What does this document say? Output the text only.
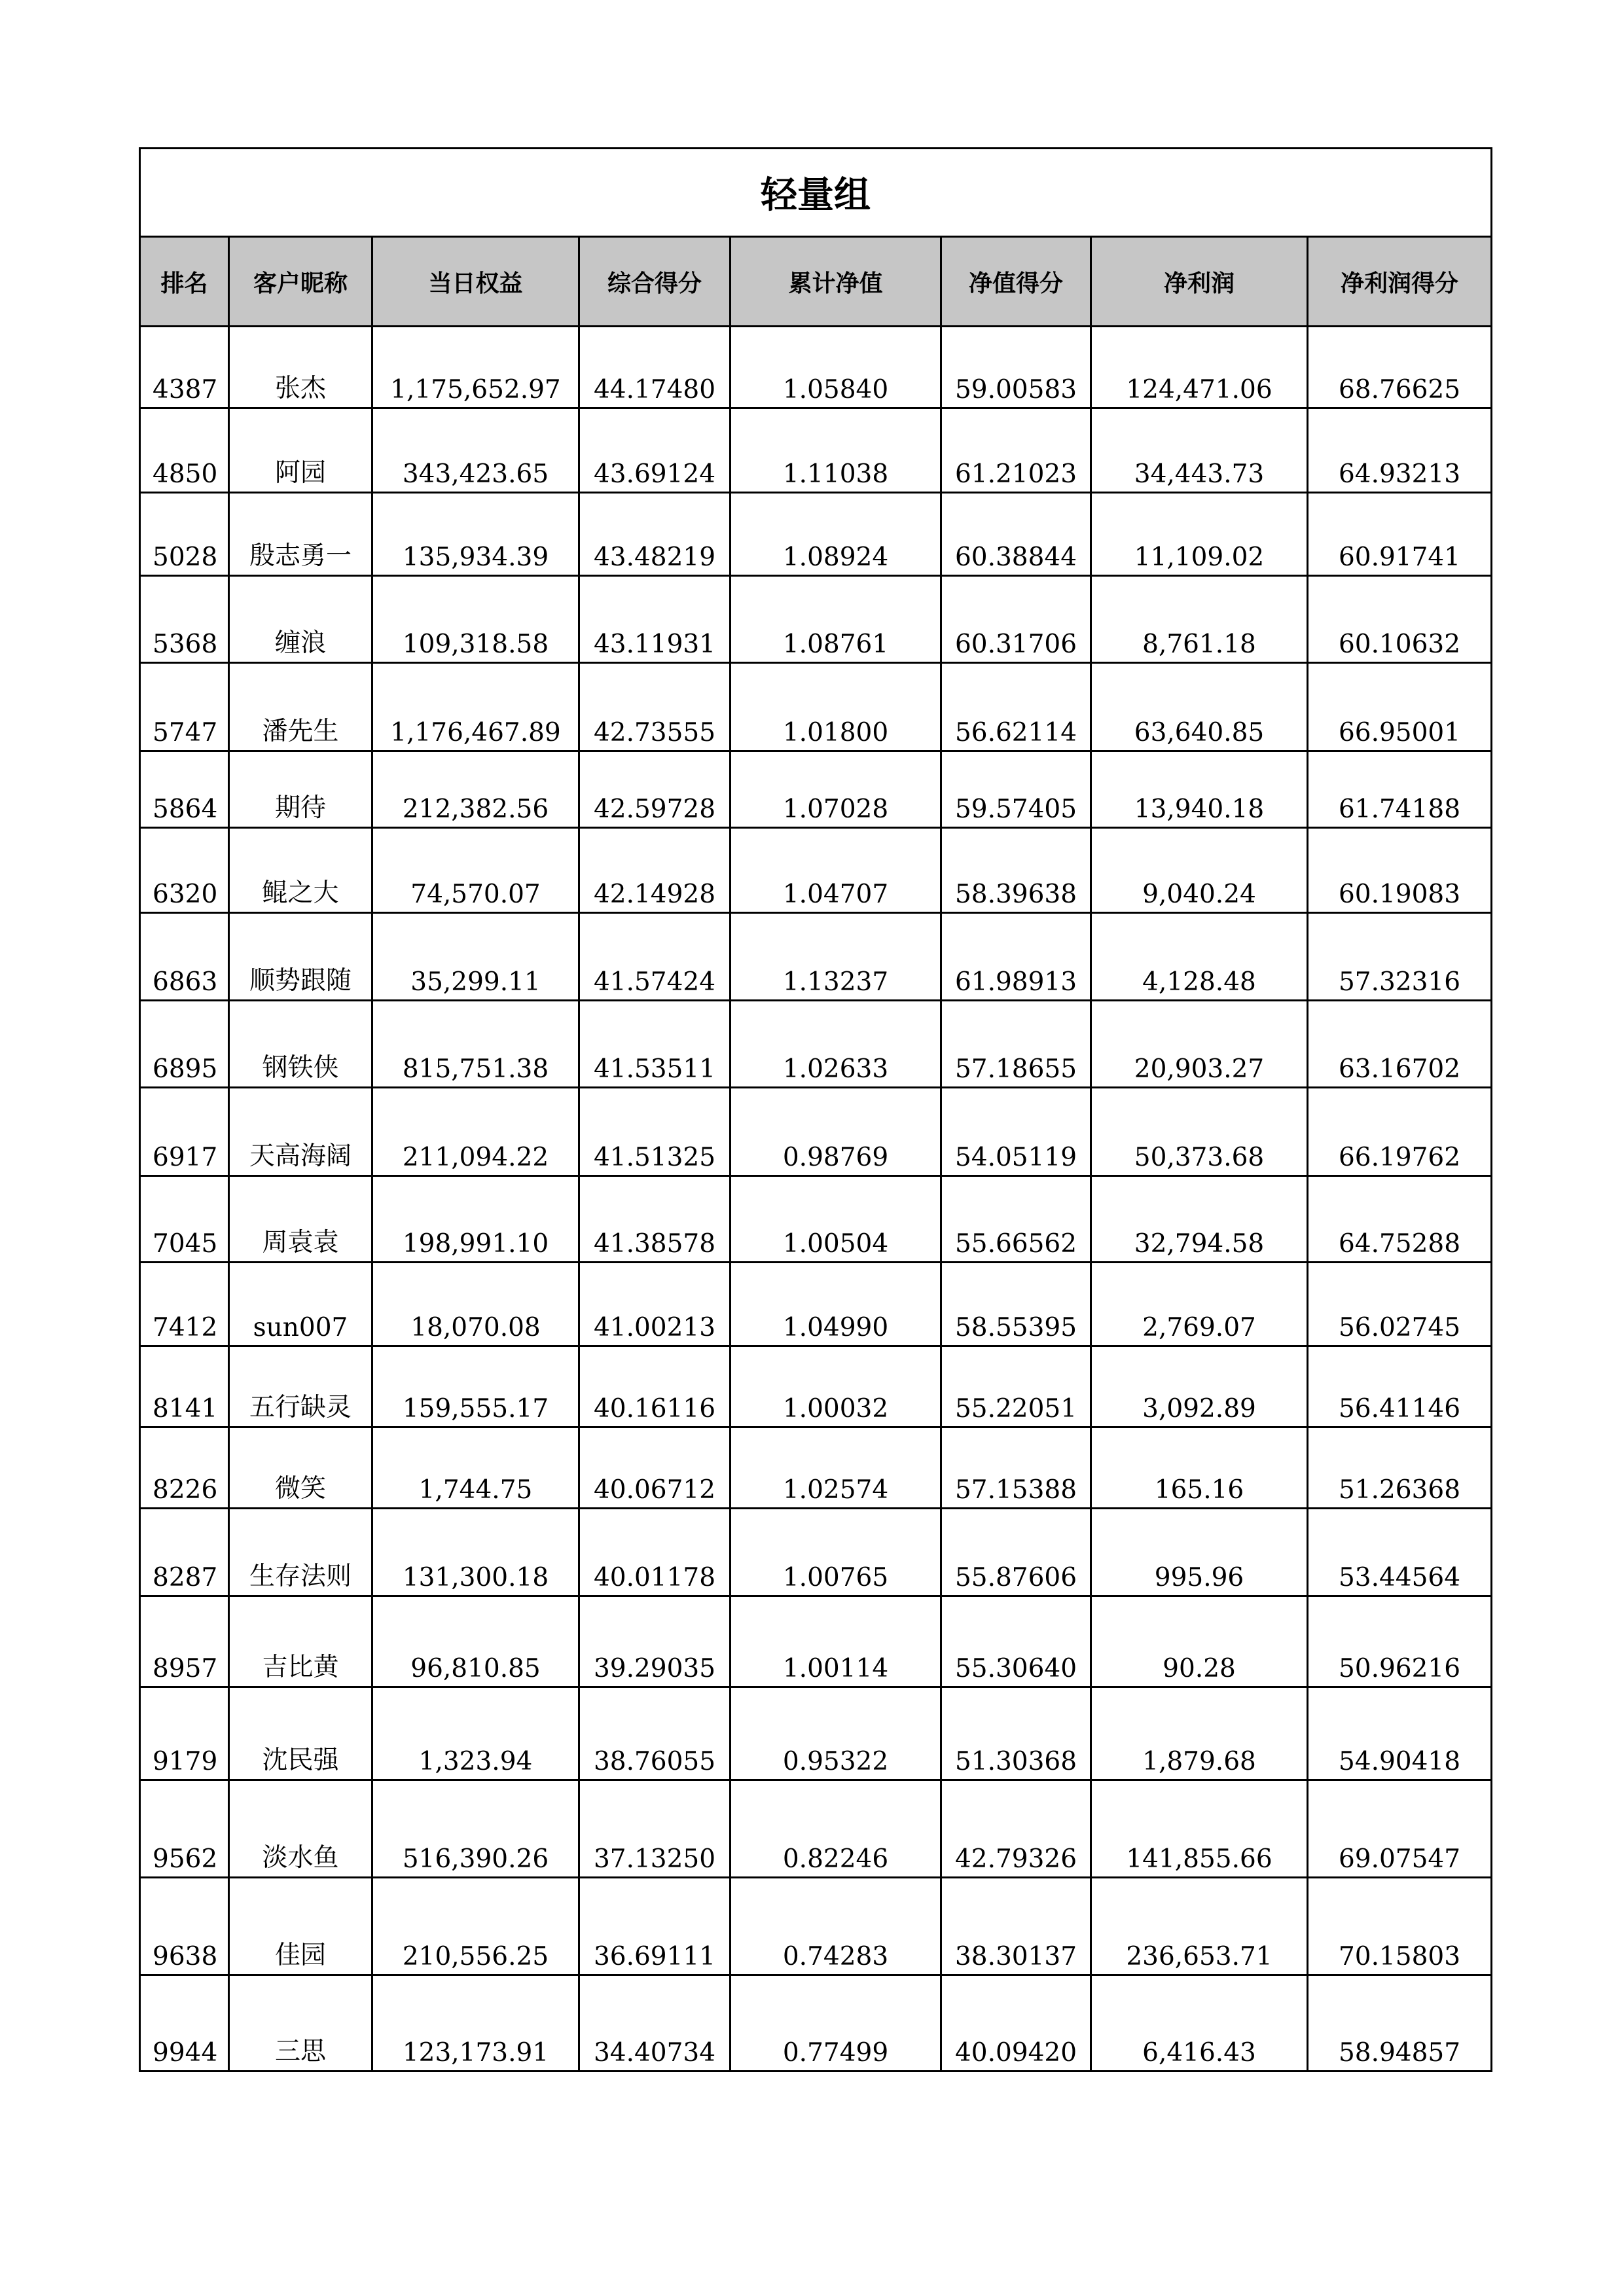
轻量组							
排名	客户昵称	当日权益	综合得分	累计净值	净值得分	净利润	净利润得分
4387	张杰	1,175,652.97	44.17480	1.05840	59.00583	124,471.06	68.76625
4850	阿园	343,423.65	43.69124	1.11038	61.21023	34,443.73	64.93213
5028	殷志勇一	135,934.39	43.48219	1.08924	60.38844	11,109.02	60.91741
5368	缠浪	109,318.58	43.11931	1.08761	60.31706	8,761.18	60.10632
5747	潘先生	1,176,467.89	42.73555	1.01800	56.62114	63,640.85	66.95001
5864	期待	212,382.56	42.59728	1.07028	59.57405	13,940.18	61.74188
6320	鲲之大	74,570.07	42.14928	1.04707	58.39638	9,040.24	60.19083
6863	顺势跟随	35,299.11	41.57424	1.13237	61.98913	4,128.48	57.32316
6895	钢铁侠	815,751.38	41.53511	1.02633	57.18655	20,903.27	63.16702
6917	天高海阔	211,094.22	41.51325	0.98769	54.05119	50,373.68	66.19762
7045	周袁袁	198,991.10	41.38578	1.00504	55.66562	32,794.58	64.75288
7412	sun007	18,070.08	41.00213	1.04990	58.55395	2,769.07	56.02745
8141	五行缺灵	159,555.17	40.16116	1.00032	55.22051	3,092.89	56.41146
8226	微笑	1,744.75	40.06712	1.02574	57.15388	165.16	51.26368
8287	生存法则	131,300.18	40.01178	1.00765	55.87606	995.96	53.44564
8957	吉比黄	96,810.85	39.29035	1.00114	55.30640	90.28	50.96216
9179	沈民强	1,323.94	38.76055	0.95322	51.30368	1,879.68	54.90418
9562	淡水鱼	516,390.26	37.13250	0.82246	42.79326	141,855.66	69.07547
9638	佳园	210,556.25	36.69111	0.74283	38.30137	236,653.71	70.15803
9944	三思	123,173.91	34.40734	0.77499	40.09420	6,416.43	58.94857
